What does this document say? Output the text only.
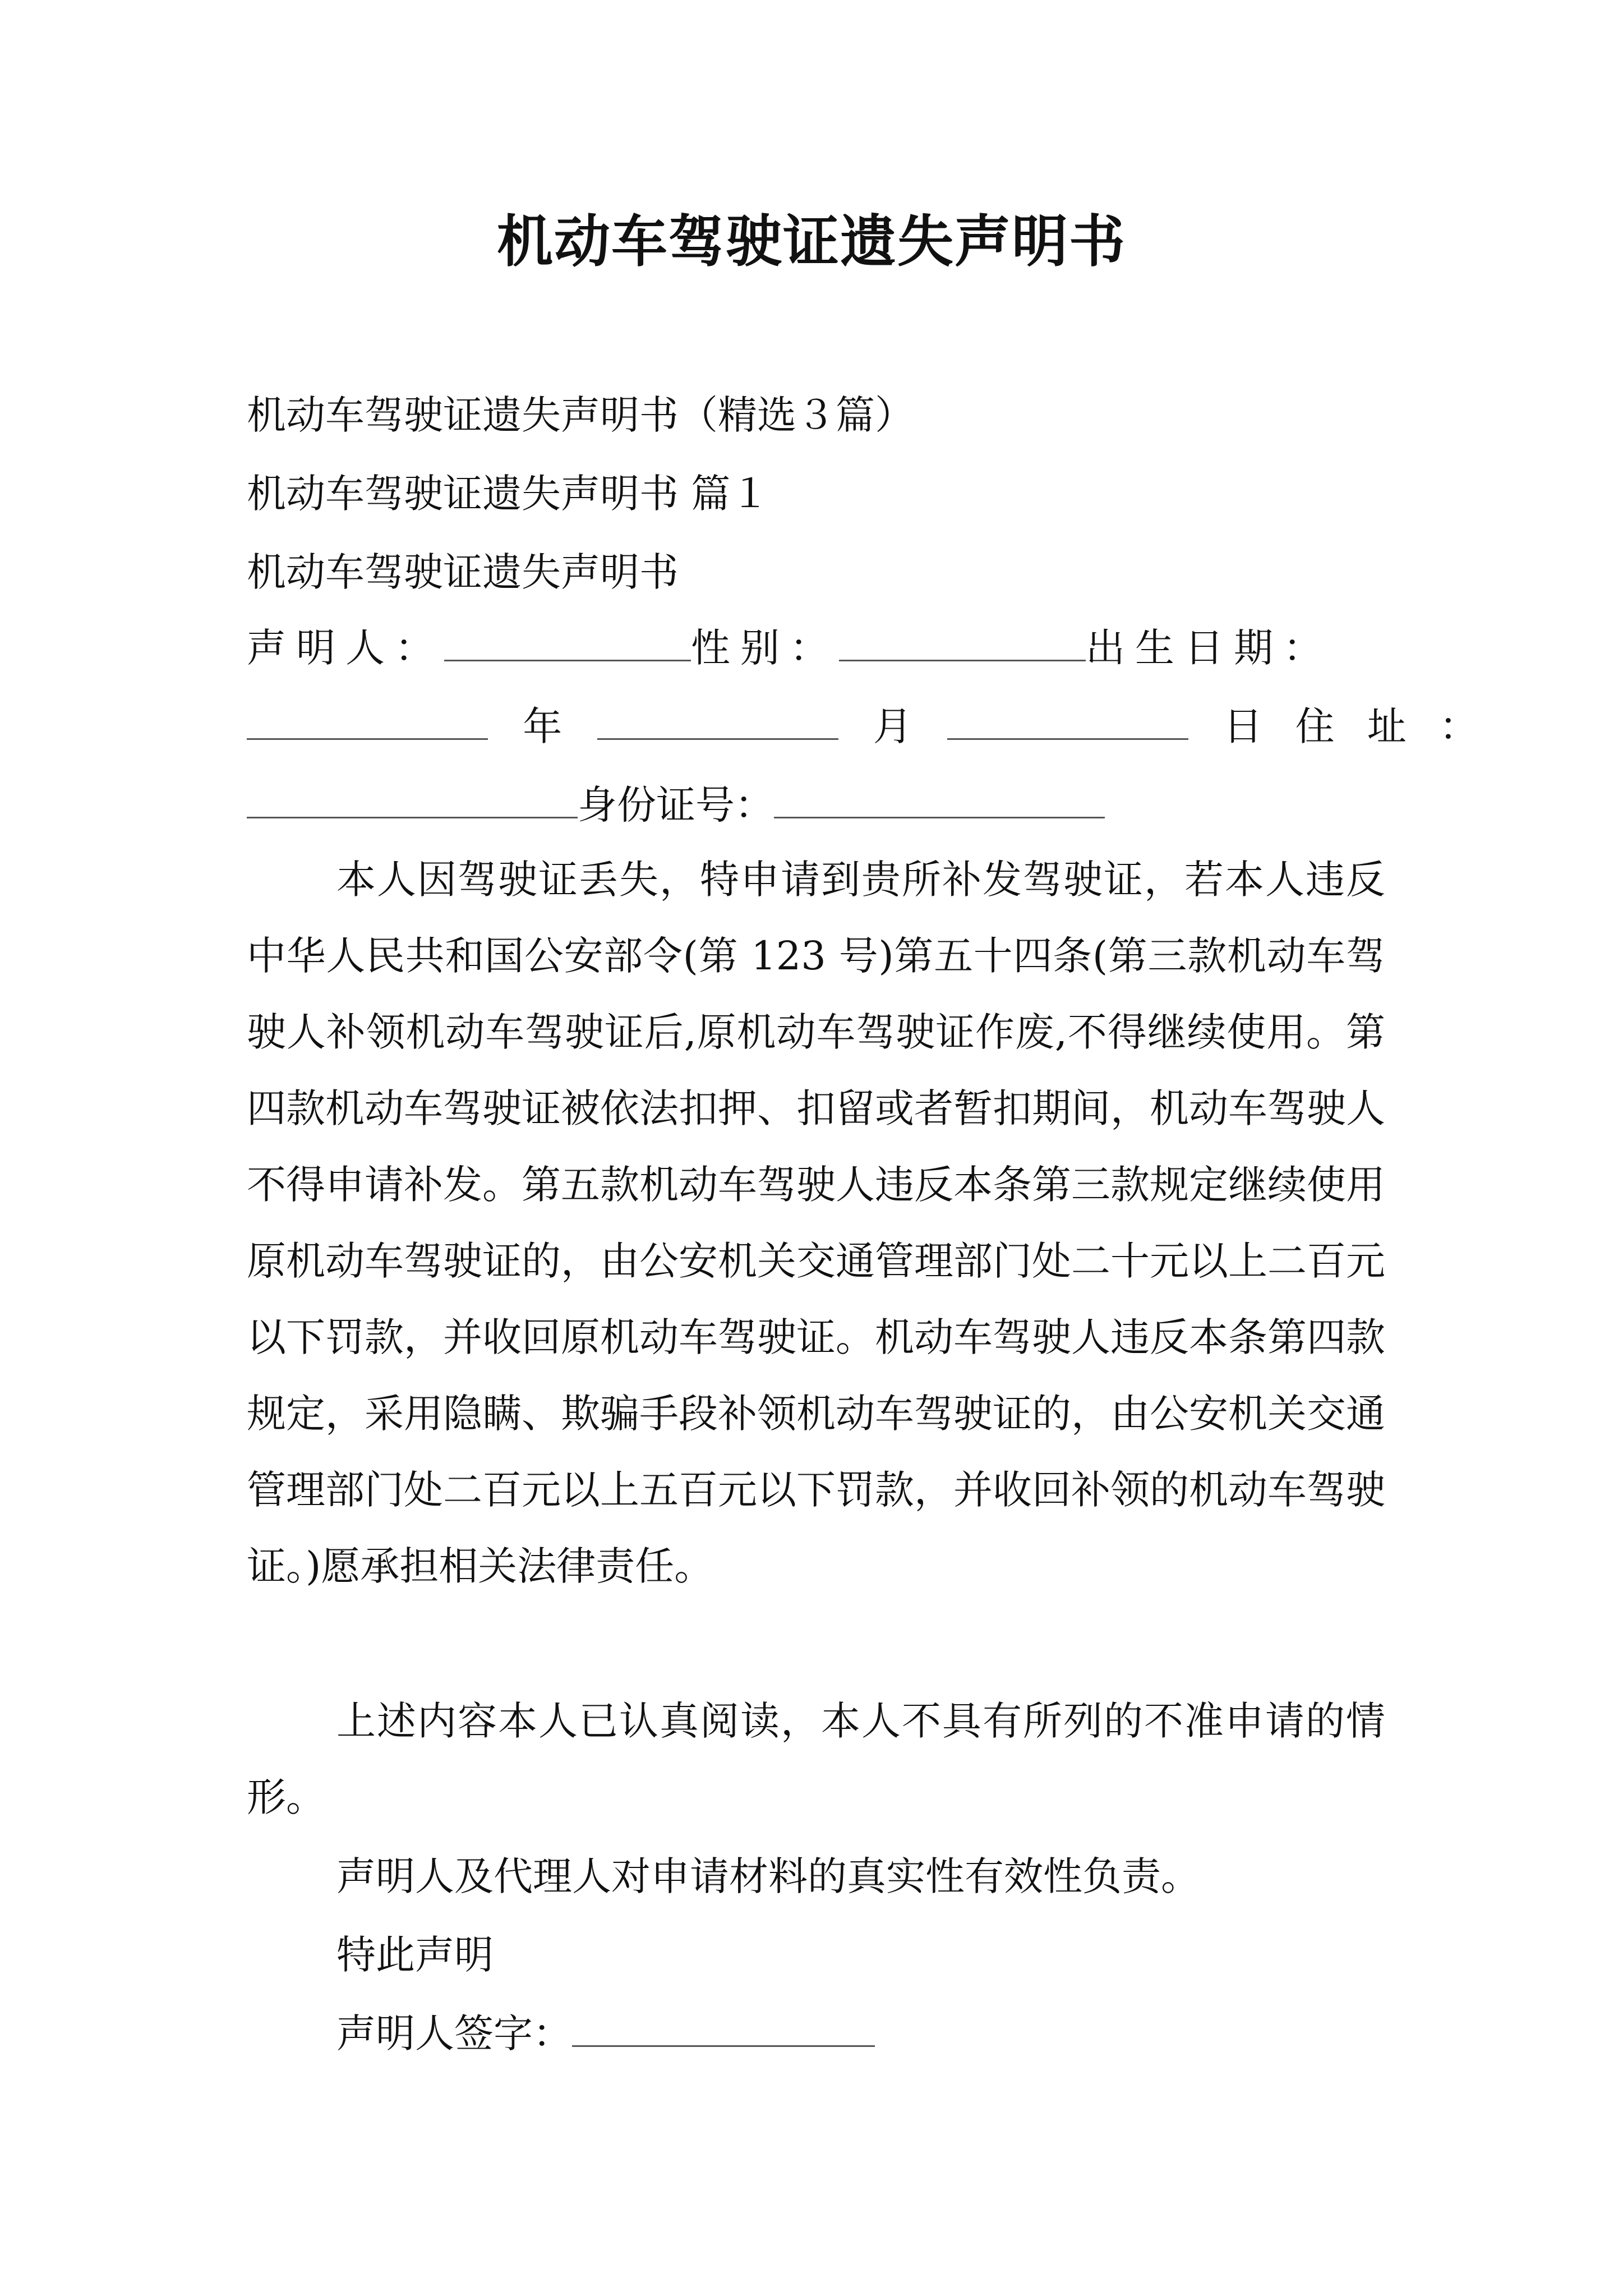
机动车驾驶证遗失声明书
机动车驾驶证遗失声明书（精选３篇）
机动车驾驶证遗失声明书 篇１
机动车驾驶证遗失声明书
声明人：	性别：	出生日期：
年	月	日 住 址 ：
身份证号：
本人因驾驶证丢失，特申请到贵所补发驾驶证，若本人违反中华人民共和国公安部令(第 123 号)第五十四条(第三款机动车驾驶人补领机动车驾驶证后,原机动车驾驶证作废,不得继续使用。第四款机动车驾驶证被依法扣押、扣留或者暂扣期间，机动车驾驶人不得申请补发。第五款机动车驾驶人违反本条第三款规定继续使用原机动车驾驶证的，由公安机关交通管理部门处二十元以上二百元以下罚款，并收回原机动车驾驶证。机动车驾驶人违反本条第四款规定，采用隐瞒、欺骗手段补领机动车驾驶证的，由公安机关交通管理部门处二百元以上五百元以下罚款，并收回补领的机动车驾驶证。)愿承担相关法律责任。
上述内容本人已认真阅读，本人不具有所列的不准申请的情形。
声明人及代理人对申请材料的真实性有效性负责。
特此声明
声明人签字：
